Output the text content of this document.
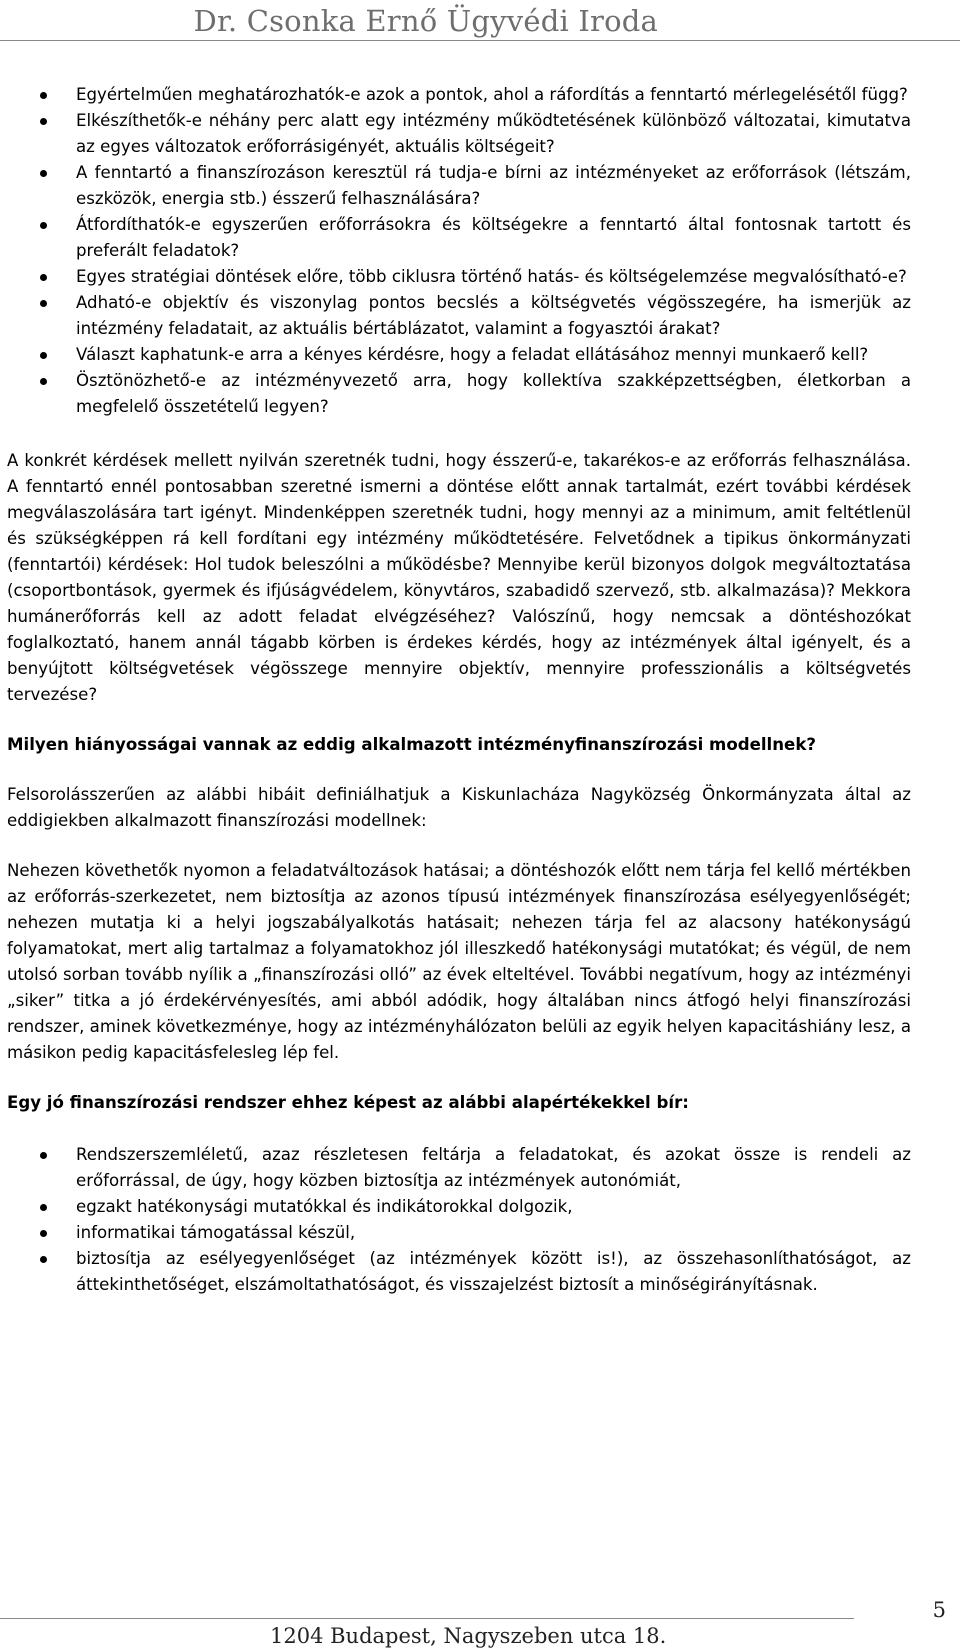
Dr. Csonka Ernő Ügyvédi Iroda
Egyértelműen meghatározhatók-e azok a pontok, ahol a ráfordítás a fenntartó mérlegelésétől függ?
Elkészíthetők-e néhány perc alatt egy intézmény működtetésének különböző változatai, kimutatva az egyes változatok erőforrásigényét, aktuális költségeit?
A fenntartó a finanszírozáson keresztül rá tudja-e bírni az intézményeket az erőforrások (létszám, eszközök, energia stb.) ésszerű felhasználására?
Átfordíthatók-e egyszerűen erőforrásokra és költségekre a fenntartó által fontosnak tartott és preferált feladatok?
Egyes stratégiai döntések előre, több ciklusra történő hatás- és költségelemzése megvalósítható-e?
Adható-e objektív és viszonylag pontos becslés a költségvetés végösszegére, ha ismerjük az intézmény feladatait, az aktuális bértáblázatot, valamint a fogyasztói árakat?
Választ kaphatunk-e arra a kényes kérdésre, hogy a feladat ellátásához mennyi munkaerő kell?
Ösztönözhető-e az intézményvezető arra, hogy kollektíva szakképzettségben, életkorban a megfelelő összetételű legyen?

A konkrét kérdések mellett nyilván szeretnék tudni, hogy ésszerű-e, takarékos-e az erőforrás felhasználása. A fenntartó ennél pontosabban szeretné ismerni a döntése előtt annak tartalmát, ezért további kérdések megválaszolására tart igényt. Mindenképpen szeretnék tudni, hogy mennyi az a minimum, amit feltétlenül és szükségképpen rá kell fordítani egy intézmény működtetésére. Felvetődnek a tipikus önkormányzati (fenntartói) kérdések: Hol tudok beleszólni a működésbe? Mennyibe kerül bizonyos dolgok megváltoztatása (csoportbontások, gyermek és ifjúságvédelem, könyvtáros, szabadidő szervező, stb. alkalmazása)? Mekkora humánerőforrás kell az adott feladat elvégzéséhez? Valószínű, hogy nemcsak a döntéshozókat foglalkoztató, hanem annál tágabb körben is érdekes kérdés, hogy az intézmények által igényelt, és a benyújtott költségvetések végösszege mennyire objektív, mennyire professzionális a költségvetés tervezése?

Milyen hiányosságai vannak az eddig alkalmazott intézményfinanszírozási modellnek?

Felsorolásszerűen az alábbi hibáit definiálhatjuk a Kiskunlacháza Nagyközség Önkormányzata által az eddigiekben alkalmazott finanszírozási modellnek:

Nehezen követhetők nyomon a feladatváltozások hatásai; a döntéshozók előtt nem tárja fel kellő mértékben az erőforrás-szerkezetet, nem biztosítja az azonos típusú intézmények finanszírozása esélyegyenlőségét; nehezen mutatja ki a helyi jogszabályalkotás hatásait; nehezen tárja fel az alacsony hatékonyságú folyamatokat, mert alig tartalmaz a folyamatokhoz jól illeszkedő hatékonysági mutatókat; és végül, de nem utolsó sorban tovább nyílik a „finanszírozási olló” az évek elteltével. További negatívum, hogy az intézményi „siker” titka a jó érdekérvényesítés, ami abból adódik, hogy általában nincs átfogó helyi finanszírozási rendszer, aminek következménye, hogy az intézményhálózaton belüli az egyik helyen kapacitáshiány lesz, a másikon pedig kapacitásfelesleg lép fel.

Egy jó finanszírozási rendszer ehhez képest az alábbi alapértékekkel bír:

Rendszerszemléletű, azaz részletesen feltárja a feladatokat, és azokat össze is rendeli az erőforrással, de úgy, hogy közben biztosítja az intézmények autonómiát,
egzakt hatékonysági mutatókkal és indikátorokkal dolgozik,
informatikai támogatással készül,
biztosítja az esélyegyenlőséget (az intézmények között is!), az összehasonlíthatóságot, az áttekinthetőséget, elszámoltathatóságot, és visszajelzést biztosít a minőségirányításnak.

1204 Budapest, Nagyszeben utca 18.

5
